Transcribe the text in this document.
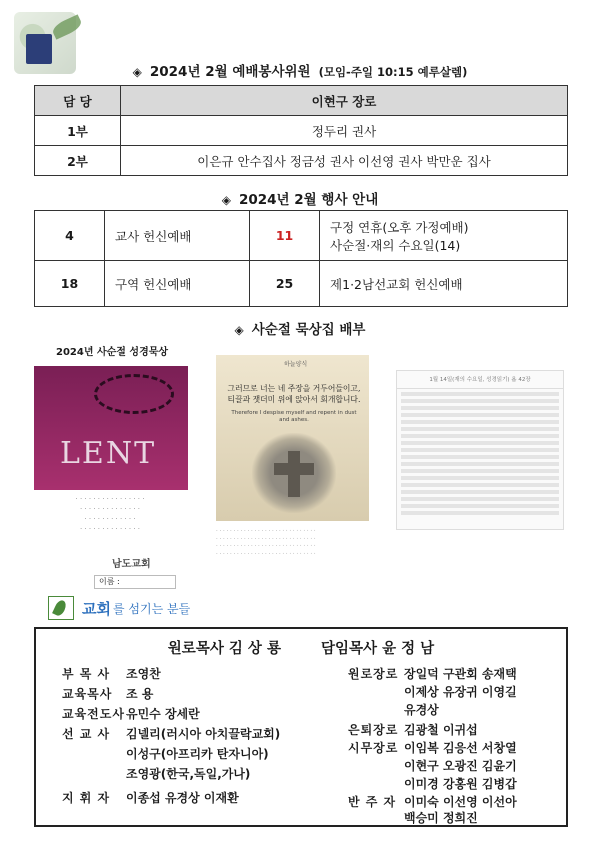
◈ 2024년 2월 예배봉사위원 (모임-주일 10:15 예루살렘)
담 당	이현구 장로
1부	정두리 권사
2부	이은규 안수집사 정금성 권사 이선영 권사 박만운 집사
◈ 2024년 2월 행사 안내
4	교사 헌신예배	11	구정 연휴(오후 가정예배)
사순절·재의 수요일(14)

18	구역 헌신예배	25	제1·2남선교회 헌신예배
◈ 사순절 묵상집 배부
2024년 사순절 성경묵상
LENT
· · · · · · · · · · · · · · · ·
· · · · · · · · · · · · · ·
· · · · · · · · · · · ·
· · · · · · · · · · · · · ·
남도교회
이름 :
하늘양식
그러므로 너는 네 주장을 거두어들이고, 티끌과 잿더미 위에 앉아서 회개합니다.
Therefore I despise myself and repent in dust and ashes.
· · · · · · · · · · · · · · · · · · · · · · · · · · · · ·
· · · · · · · · · · · · · · · · · · · · · · · · · · · · ·
· · · · · · · · · · · · · · · · · · · · · · · · · · · · ·
· · · · · · · · · · · · · · · · · · · · · · · · · · · · ·
1월 14일(재의 수요일, 성경읽기) 욥 42장
교회 를 섬기는 분들
원로목사 김 상 룡	담임목사 윤 정 남
부 목 사 조영찬
교육목사 조 용
교육전도사유민수 장세란
선 교 사 김넬리(러시아 아치끌락교회)
이성구(아프리카 탄자니아)
조영광(한국,독일,가나)
지 휘 자 이종섭 유경상 이재환
원로장로 장일덕 구관회 송재택
이제상 유장귀 이영길
유경상
은퇴장로 김광철 이귀섭
시무장로 이임복 김응선 서창열
이현구 오광진 김윤기
이미경 강홍원 김병갑
반 주 자 이미숙 이선영 이선아
백승미 정희진
